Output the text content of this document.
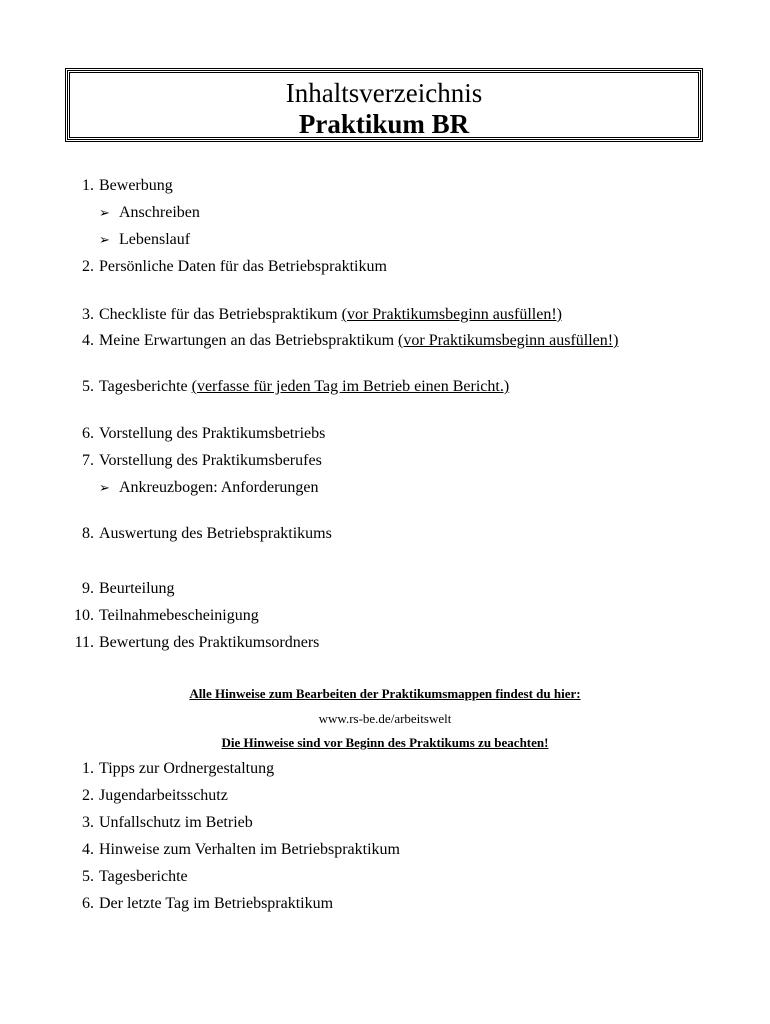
Inhaltsverzeichnis
Praktikum BR
1. Bewerbung
➢ Anschreiben
➢ Lebenslauf
2. Persönliche Daten für das Betriebspraktikum
3. Checkliste für das Betriebspraktikum (vor Praktikumsbeginn ausfüllen!)
4. Meine Erwartungen an das Betriebspraktikum (vor Praktikumsbeginn ausfüllen!)
5. Tagesberichte (verfasse für jeden Tag im Betrieb einen Bericht.)
6. Vorstellung des Praktikumsbetriebs
7. Vorstellung des Praktikumsberufes
➢ Ankreuzbogen: Anforderungen
8. Auswertung des Betriebspraktikums
9. Beurteilung
10. Teilnahmebescheinigung
11. Bewertung des Praktikumsordners
Alle Hinweise zum Bearbeiten der Praktikumsmappen findest du hier:
www.rs-be.de/arbeitswelt
Die Hinweise sind vor Beginn des Praktikums zu beachten!
1. Tipps zur Ordnergestaltung
2. Jugendarbeitsschutz
3. Unfallschutz im Betrieb
4. Hinweise zum Verhalten im Betriebspraktikum
5. Tagesberichte
6. Der letzte Tag im Betriebspraktikum
